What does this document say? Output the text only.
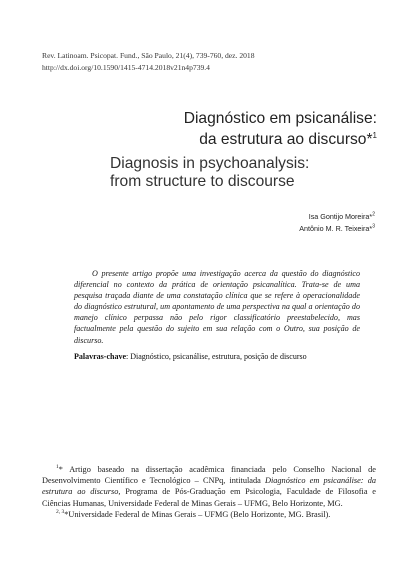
Rev. Latinoam. Psicopat. Fund., São Paulo, 21(4), 739-760, dez. 2018
http://dx.doi.org/10.1590/1415-4714.2018v21n4p739.4
Diagnóstico em psicanálise:
da estrutura ao discurso*$^1$
Diagnosis in psychoanalysis:
from structure to discourse
Isa Gontijo Moreira*$^2$
Antônio M. R. Teixeira*$^3$
O presente artigo propõe uma investigação acerca da questão do diagnóstico diferencial no contexto da prática de orientação psicanalítica. Trata-se de uma pesquisa traçada diante de uma constatação clínica que se refere à operacionalidade do diagnóstico estrutural, um apontamento de uma perspectiva na qual a orientação do manejo clínico perpassa não pelo rigor classificatório preestabelecido, mas factualmente pela questão do sujeito em sua relação com o Outro, sua posição de discurso.
Palavras-chave: Diagnóstico, psicanálise, estrutura, posição de discurso
$^1$* Artigo baseado na dissertação acadêmica financiada pelo Conselho Nacional de Desenvolvimento Científico e Tecnológico – CNPq, intitulada Diagnóstico em psicanálise: da estrutura ao discurso, Programa de Pós-Graduação em Psicologia, Faculdade de Filosofia e Ciências Humanas, Universidade Federal de Minas Gerais – UFMG, Belo Horizonte, MG.
$^{2, 3}$*Universidade Federal de Minas Gerais – UFMG (Belo Horizonte, MG. Brasil).
